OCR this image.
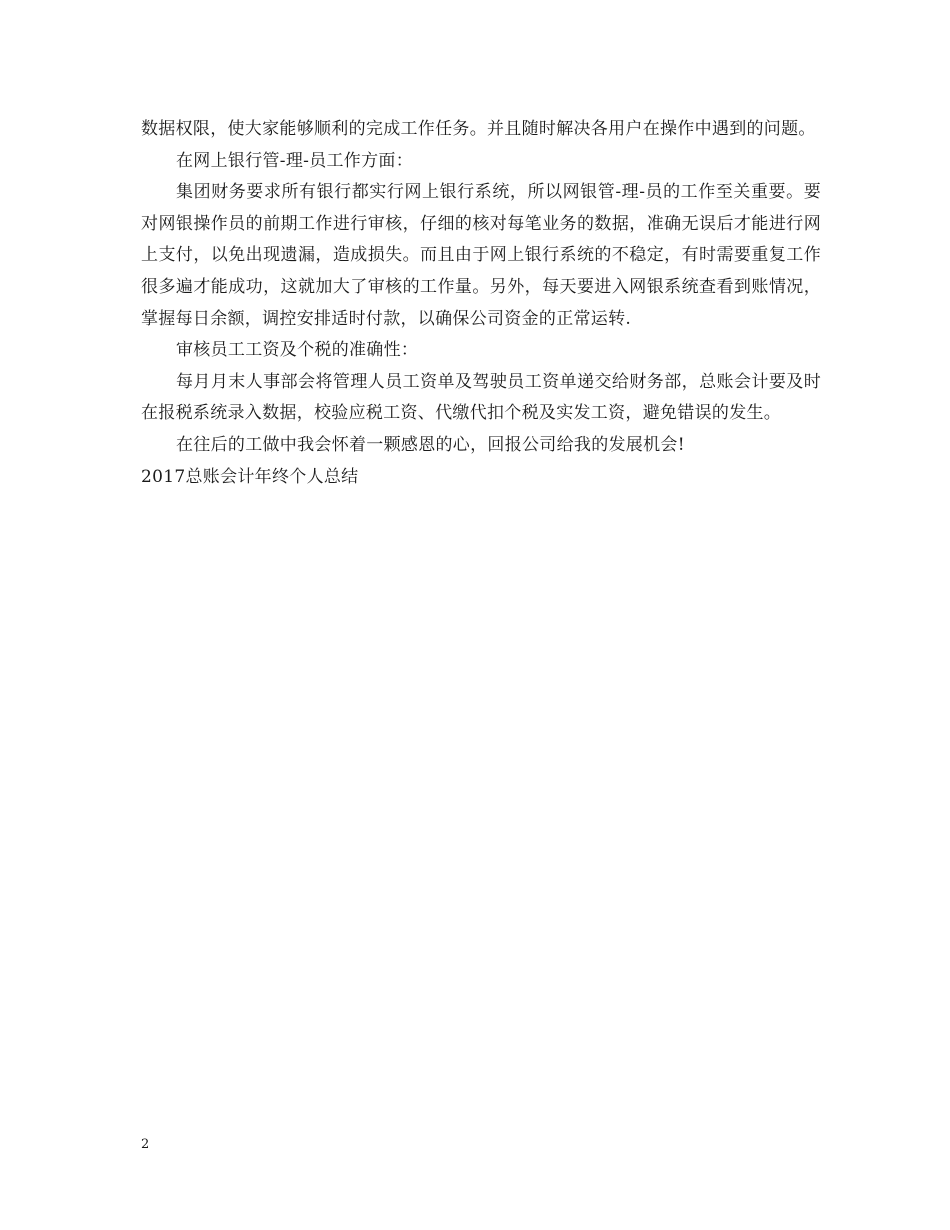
数据权限，使大家能够顺利的完成工作任务。并且随时解决各用户在操作中遇到的问题。

在网上银行管-理-员工作方面：

集团财务要求所有银行都实行网上银行系统，所以网银管-理-员的工作至关重要。要对网银操作员的前期工作进行审核，仔细的核对每笔业务的数据，准确无误后才能进行网上支付，以免出现遗漏，造成损失。而且由于网上银行系统的不稳定，有时需要重复工作很多遍才能成功，这就加大了审核的工作量。另外，每天要进入网银系统查看到账情况，掌握每日余额，调控安排适时付款，以确保公司资金的正常运转.

审核员工工资及个税的准确性：

每月月末人事部会将管理人员工资单及驾驶员工资单递交给财务部，总账会计要及时在报税系统录入数据，校验应税工资、代缴代扣个税及实发工资，避免错误的发生。

在往后的工做中我会怀着一颗感恩的心，回报公司给我的发展机会!

2017总账会计年终个人总结

2
